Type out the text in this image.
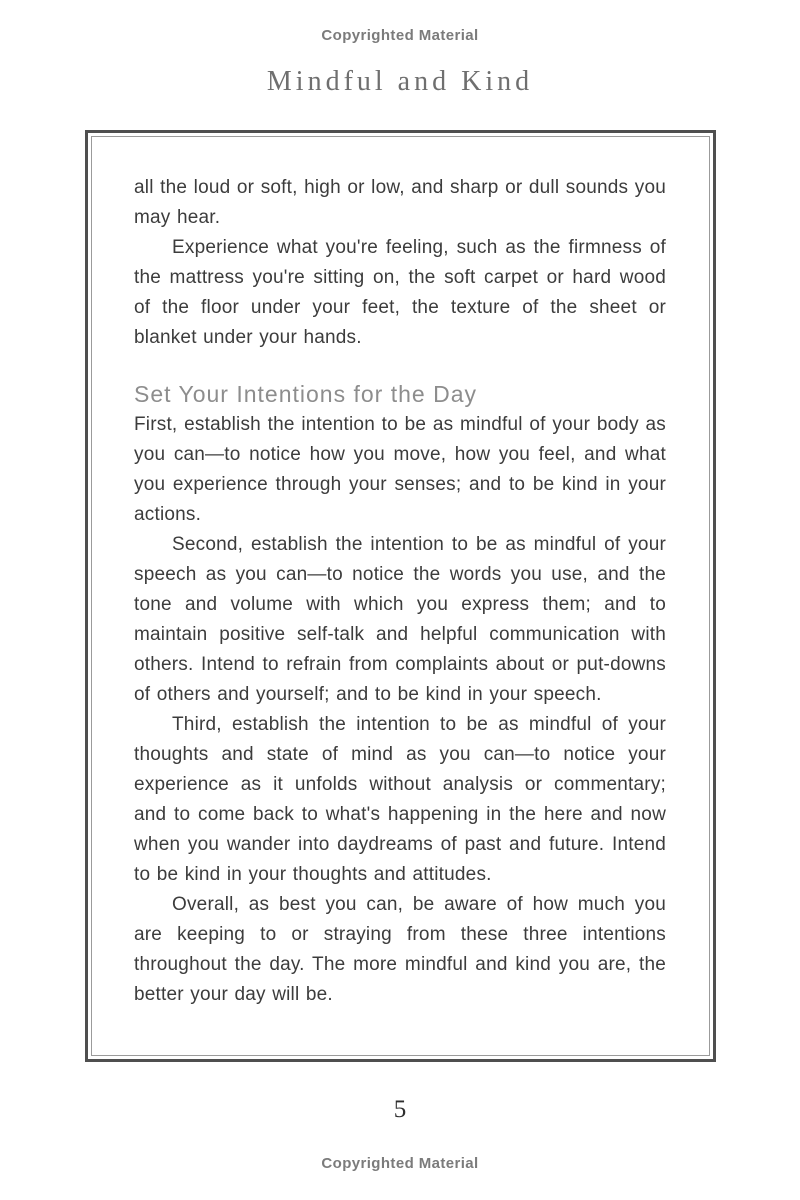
Copyrighted Material
Mindful and Kind

all the loud or soft, high or low, and sharp or dull sounds you may hear.

Experience what you're feeling, such as the firmness of the mattress you're sitting on, the soft carpet or hard wood of the floor under your feet, the texture of the sheet or blanket under your hands.

Set Your Intentions for the Day

First, establish the intention to be as mindful of your body as you can—to notice how you move, how you feel, and what you experience through your senses; and to be kind in your actions.

Second, establish the intention to be as mindful of your speech as you can—to notice the words you use, and the tone and volume with which you express them; and to maintain positive self-talk and helpful communication with others. Intend to refrain from complaints about or put-downs of others and yourself; and to be kind in your speech.

Third, establish the intention to be as mindful of your thoughts and state of mind as you can—to notice your experience as it unfolds without analysis or commentary; and to come back to what's happening in the here and now when you wander into daydreams of past and future. Intend to be kind in your thoughts and attitudes.

Overall, as best you can, be aware of how much you are keeping to or straying from these three intentions throughout the day. The more mindful and kind you are, the better your day will be.

5
Copyrighted Material
